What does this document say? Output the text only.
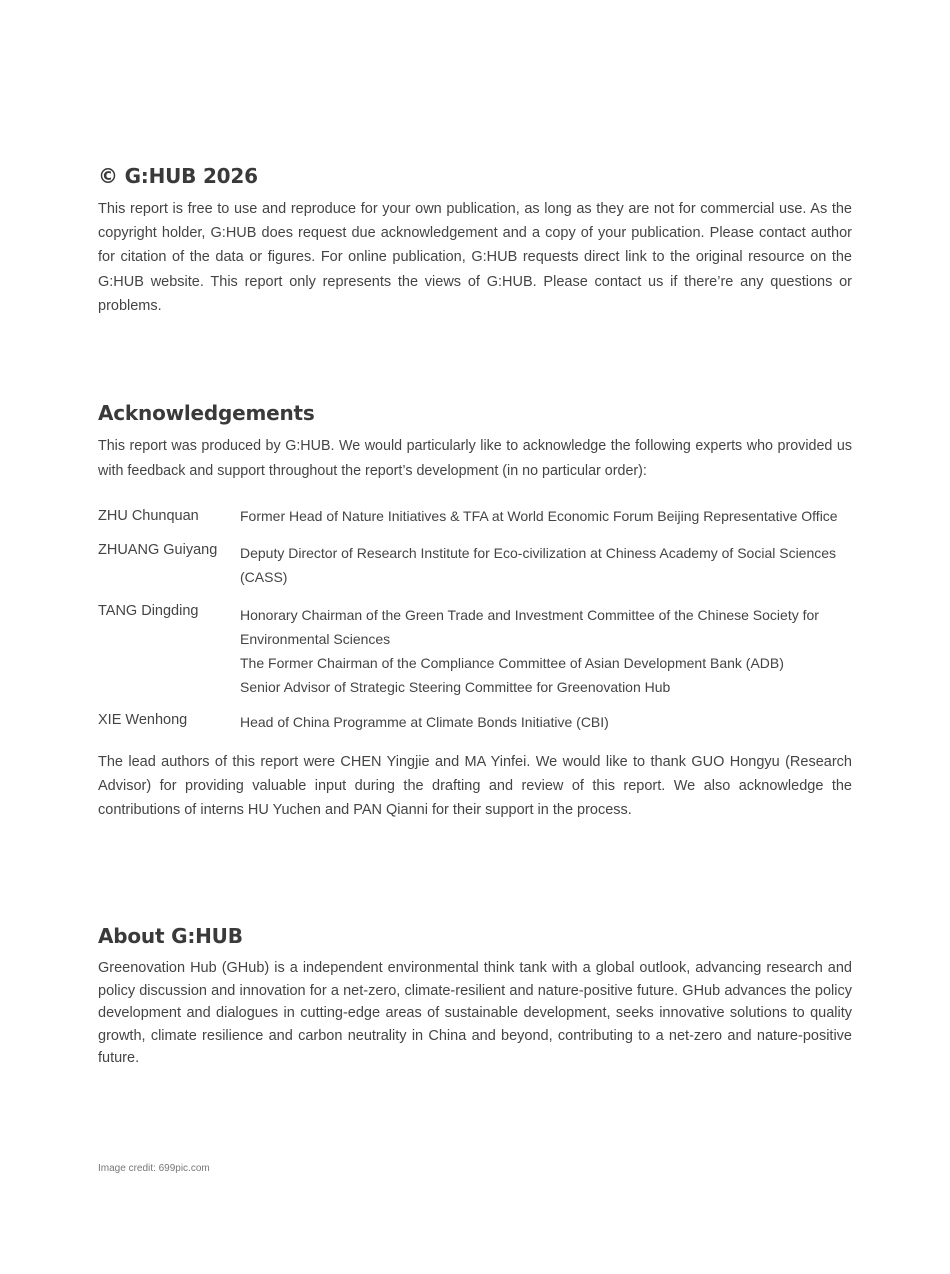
© G:HUB 2026

This report is free to use and reproduce for your own publication, as long as they are not for commercial use. As the copyright holder, G:HUB does request due acknowledgement and a copy of your publication. Please contact author for citation of the data or figures. For online publication, G:HUB requests direct link to the original resource on the G:HUB website. This report only represents the views of G:HUB. Please contact us if there’re any questions or problems.

Acknowledgements

This report was produced by G:HUB. We would particularly like to acknowledge the following experts who provided us with feedback and support throughout the report’s development (in no particular order):

ZHU Chunquan	Former Head of Nature Initiatives & TFA at World Economic Forum Beijing Representative Office
ZHUANG Guiyang	Deputy Director of Research Institute for Eco-civilization at Chiness Academy of Social Sciences (CASS)
TANG Dingding	Honorary Chairman of the Green Trade and Investment Committee of the Chinese Society for Environmental Sciences
The Former Chairman of the Compliance Committee of Asian Development Bank (ADB)
Senior Advisor of Strategic Steering Committee for Greenovation Hub
XIE Wenhong	Head of China Programme at Climate Bonds Initiative (CBI)

The lead authors of this report were CHEN Yingjie and MA Yinfei. We would like to thank GUO Hongyu (Research Advisor) for providing valuable input during the drafting and review of this report. We also acknowledge the contributions of interns HU Yuchen and PAN Qianni for their support in the process.

About G:HUB

Greenovation Hub (GHub) is a independent environmental think tank with a global outlook, advancing research and policy discussion and innovation for a net-zero, climate-resilient and nature-positive future. GHub advances the policy development and dialogues in cutting-edge areas of sustainable development, seeks innovative solutions to quality growth, climate resilience and carbon neutrality in China and beyond, contributing to a net-zero and nature-positive future.

Image credit: 699pic.com
